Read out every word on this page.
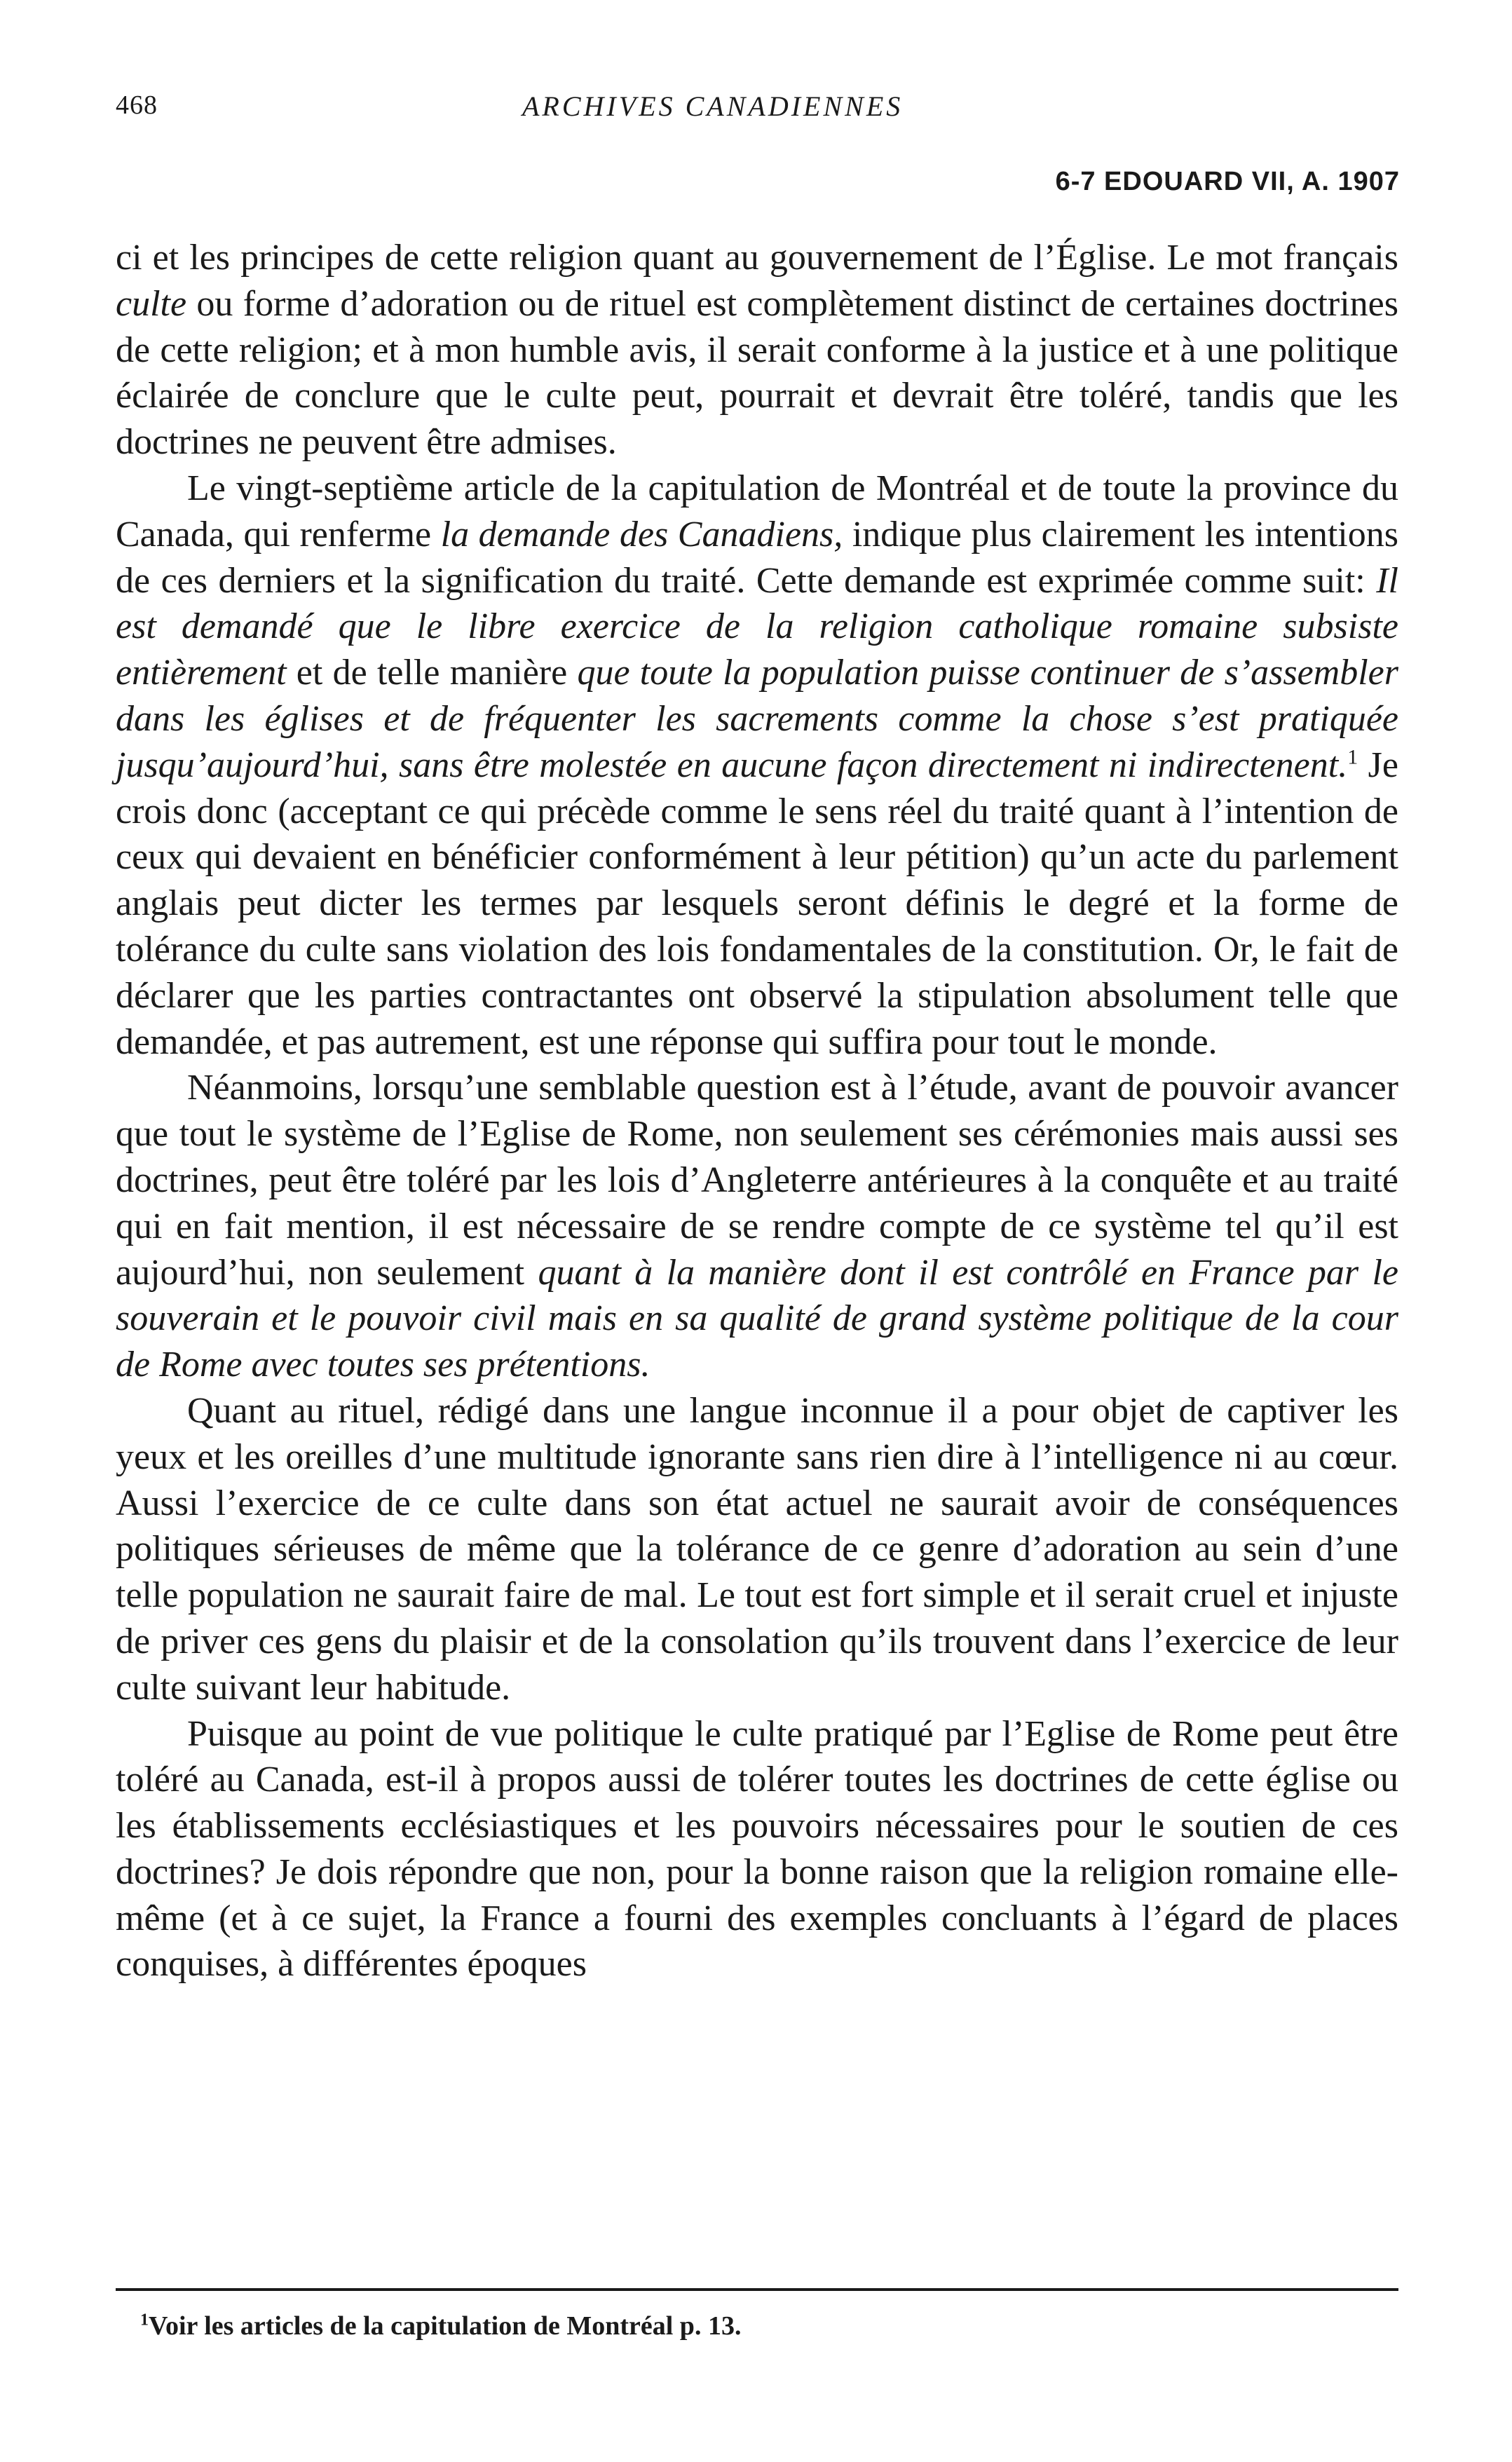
468	ARCHIVES CANADIENNES
6-7 EDOUARD VII, A. 1907

ci et les principes de cette religion quant au gouvernement de l’Église. Le mot français culte ou forme d’adoration ou de rituel est complètement distinct de certaines doctrines de cette religion; et à mon humble avis, il serait conforme à la justice et à une politique éclairée de conclure que le culte peut, pourrait et devrait être toléré, tandis que les doctrines ne peuvent être admises.

Le vingt-septième article de la capitulation de Montréal et de toute la province du Canada, qui renferme la demande des Canadiens, indique plus clairement les intentions de ces derniers et la signification du traité. Cette demande est exprimée comme suit: Il est demandé que le libre exercice de la religion catholique romaine subsiste entièrement et de telle manière que toute la population puisse continuer de s’assembler dans les églises et de fréquenter les sacrements comme la chose s’est pratiquée jusqu’aujourd’hui, sans être molestée en aucune façon directement ni indirectenent.$^1$ Je crois donc (acceptant ce qui précède comme le sens réel du traité quant à l’intention de ceux qui devaient en bénéficier conformément à leur pétition) qu’un acte du parlement anglais peut dicter les termes par lesquels seront définis le degré et la forme de tolérance du culte sans violation des lois fondamentales de la constitution. Or, le fait de déclarer que les parties contractantes ont observé la stipulation absolument telle que demandée, et pas autrement, est une réponse qui suffira pour tout le monde.

Néanmoins, lorsqu’une semblable question est à l’étude, avant de pouvoir avancer que tout le système de l’Eglise de Rome, non seulement ses cérémonies mais aussi ses doctrines, peut être toléré par les lois d’Angleterre antérieures à la conquête et au traité qui en fait mention, il est nécessaire de se rendre compte de ce système tel qu’il est aujourd’hui, non seulement quant à la manière dont il est contrôlé en France par le souverain et le pouvoir civil mais en sa qualité de grand système politique de la cour de Rome avec toutes ses prétentions.

Quant au rituel, rédigé dans une langue inconnue il a pour objet de captiver les yeux et les oreilles d’une multitude ignorante sans rien dire à l’intelligence ni au cœur. Aussi l’exercice de ce culte dans son état actuel ne saurait avoir de conséquences politiques sérieuses de même que la tolérance de ce genre d’adoration au sein d’une telle population ne saurait faire de mal. Le tout est fort simple et il serait cruel et injuste de priver ces gens du plaisir et de la consolation qu’ils trouvent dans l’exercice de leur culte suivant leur habitude.

Puisque au point de vue politique le culte pratiqué par l’Eglise de Rome peut être toléré au Canada, est-il à propos aussi de tolérer toutes les doctrines de cette église ou les établissements ecclésiastiques et les pouvoirs nécessaires pour le soutien de ces doctrines? Je dois répondre que non, pour la bonne raison que la religion romaine elle-même (et à ce sujet, la France a fourni des exemples concluants à l’égard de places conquises, à différentes époques

$^1$Voir les articles de la capitulation de Montréal p. 13.
